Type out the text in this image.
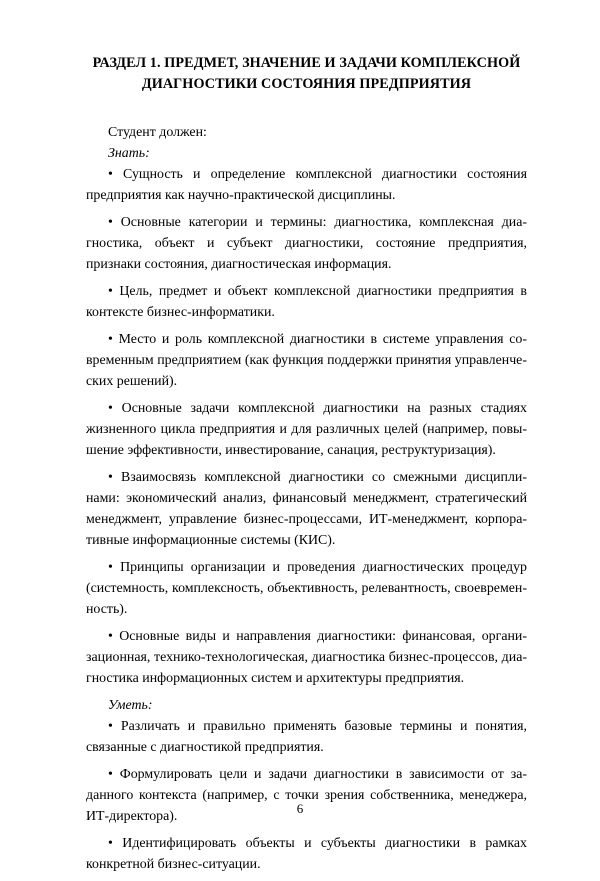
РАЗДЕЛ 1. ПРЕДМЕТ, ЗНАЧЕНИЕ И ЗАДАЧИ КОМПЛЕКСНОЙ
ДИАГНОСТИКИ СОСТОЯНИЯ ПРЕДПРИЯТИЯ

Студент должен:

Знать:

• Сущность и определение комплексной диагностики состояния предприятия как научно-практической дисциплины.

• Основные категории и термины: диагностика, комплексная диагностика, объект и субъект диагностики, состояние предприятия, признаки состояния, диагностическая информация.

• Цель, предмет и объект комплексной диагностики предприятия в контексте бизнес-информатики.

• Место и роль комплексной диагностики в системе управления современным предприятием (как функция поддержки принятия управленческих решений).

• Основные задачи комплексной диагностики на разных стадиях жизненного цикла предприятия и для различных целей (например, повышение эффективности, инвестирование, санация, реструктуризация).

• Взаимосвязь комплексной диагностики со смежными дисциплинами: экономический анализ, финансовый менеджмент, стратегический менеджмент, управление бизнес-процессами, ИТ-менеджмент, корпоративные информационные системы (КИС).

• Принципы организации и проведения диагностических процедур (системность, комплексность, объективность, релевантность, своевременность).

• Основные виды и направления диагностики: финансовая, организационная, технико-технологическая, диагностика бизнес-процессов, диагностика информационных систем и архитектуры предприятия.

Уметь:

• Различать и правильно применять базовые термины и понятия, связанные с диагностикой предприятия.

• Формулировать цели и задачи диагностики в зависимости от заданного контекста (например, с точки зрения собственника, менеджера, ИТ-директора).

• Идентифицировать объекты и субъекты диагностики в рамках конкретной бизнес-ситуации.

6
